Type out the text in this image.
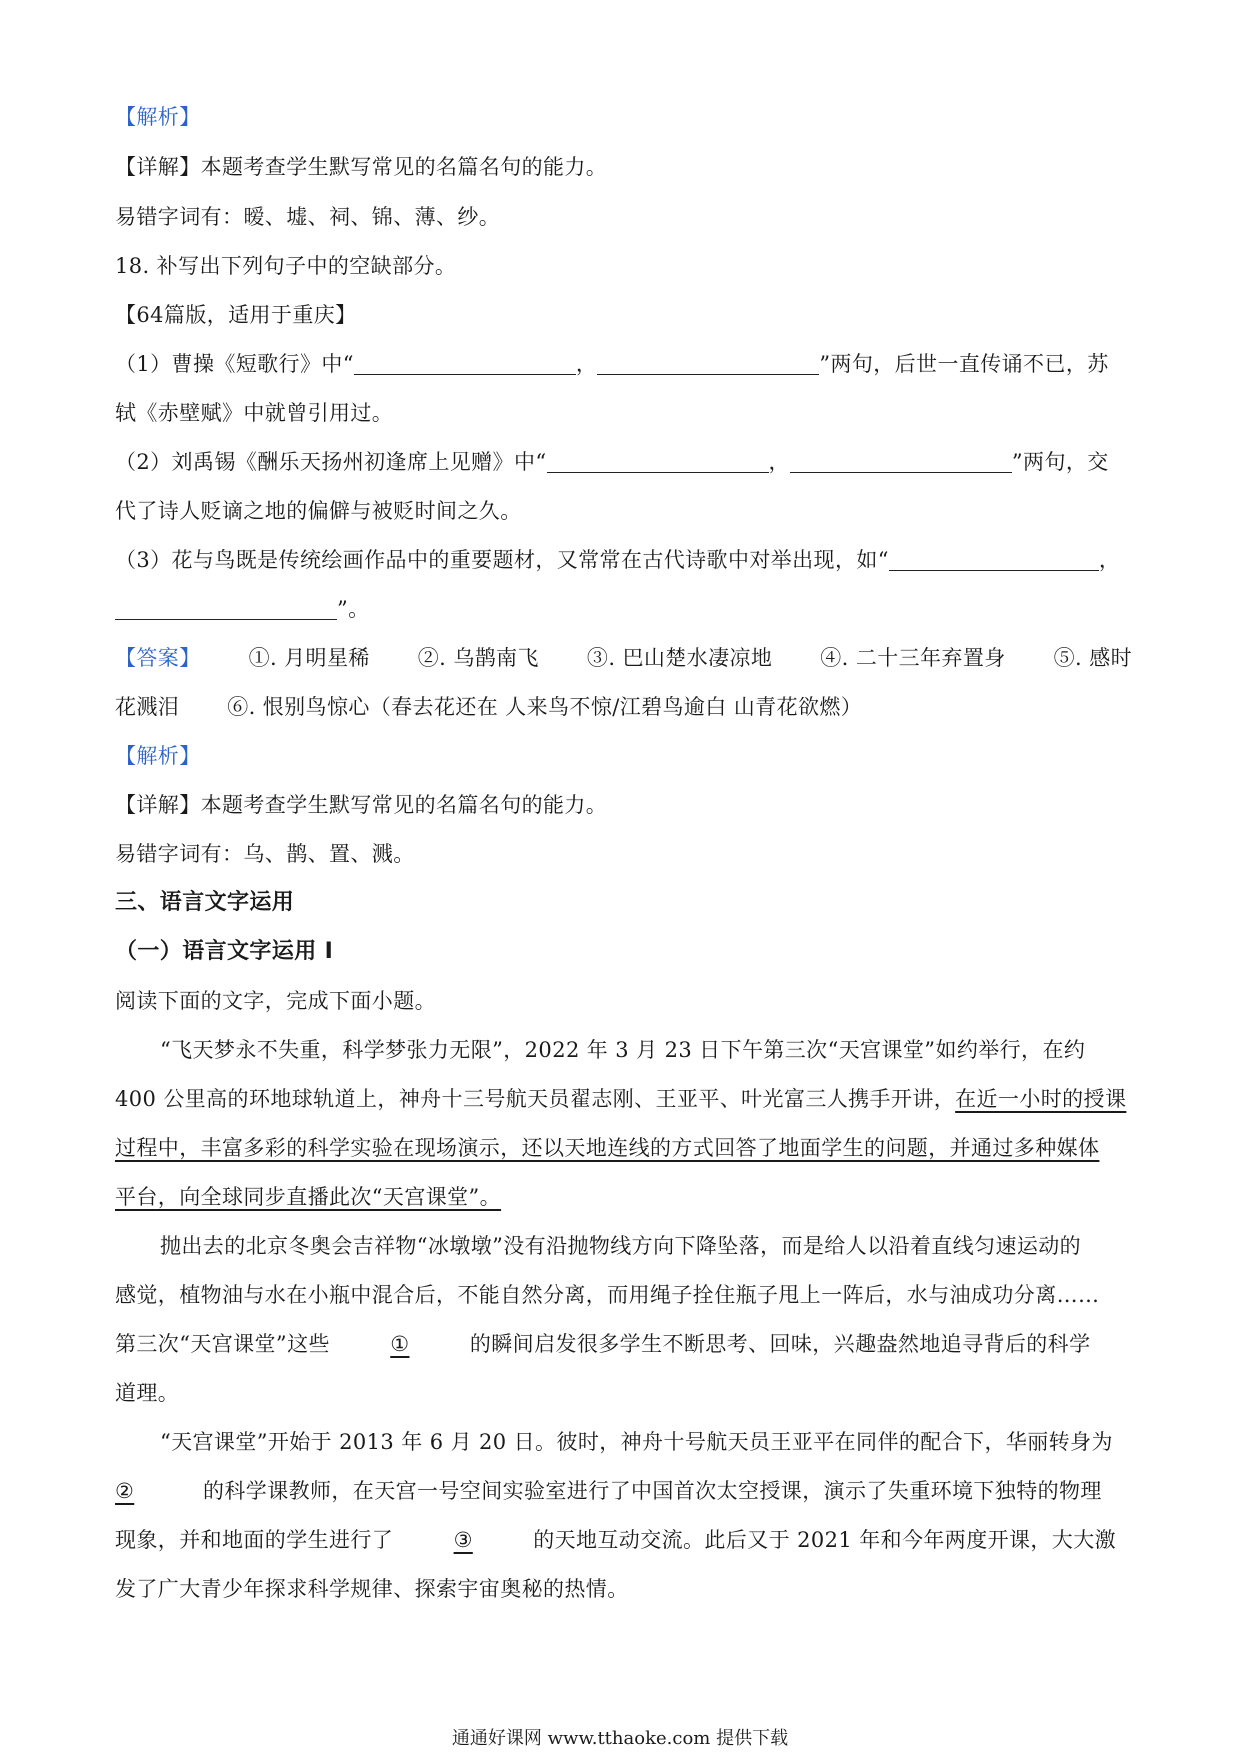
【解析】
【详解】本题考查学生默写常见的名篇名句的能力。
易错字词有：暧、墟、祠、锦、薄、纱。
18. 补写出下列句子中的空缺部分。
【64篇版，适用于重庆】
（1）曹操《短歌行》中“	，	”两句，后世一直传诵不已，苏
轼《赤壁赋》中就曾引用过。
（2）刘禹锡《酬乐天扬州初逢席上见赠》中“	，	”两句，交
代了诗人贬谪之地的偏僻与被贬时间之久。
（3）花与鸟既是传统绘画作品中的重要题材，又常常在古代诗歌中对举出现，如“	，
”。
【答案】 ①. 月明星稀 ②. 乌鹊南飞 ③. 巴山楚水凄凉地 ④. 二十三年弃置身 ⑤. 感时
花溅泪 ⑥. 恨别鸟惊心（春去花还在 人来鸟不惊/江碧鸟逾白 山青花欲燃）
【解析】
【详解】本题考查学生默写常见的名篇名句的能力。
易错字词有：乌、鹊、置、溅。
三、语言文字运用
（一）语言文字运用 I
阅读下面的文字，完成下面小题。
“飞天梦永不失重，科学梦张力无限”，2022 年 3 月 23 日下午第三次“天宫课堂”如约举行，在约
400 公里高的环地球轨道上，神舟十三号航天员翟志刚、王亚平、叶光富三人携手开讲，在近一小时的授课
过程中，丰富多彩的科学实验在现场演示，还以天地连线的方式回答了地面学生的问题，并通过多种媒体
平台，向全球同步直播此次“天宫课堂”。
抛出去的北京冬奥会吉祥物“冰墩墩”没有沿抛物线方向下降坠落，而是给人以沿着直线匀速运动的
感觉，植物油与水在小瓶中混合后，不能自然分离，而用绳子拴住瓶子甩上一阵后，水与油成功分离……
第三次“天宫课堂”这些	①	的瞬间启发很多学生不断思考、回味，兴趣盎然地追寻背后的科学
道理。
“天宫课堂”开始于 2013 年 6 月 20 日。彼时，神舟十号航天员王亚平在同伴的配合下，华丽转身为
②	的科学课教师，在天宫一号空间实验室进行了中国首次太空授课，演示了失重环境下独特的物理
现象，并和地面的学生进行了	③	的天地互动交流。此后又于 2021 年和今年两度开课，大大激
发了广大青少年探求科学规律、探索宇宙奥秘的热情。
通通好课网 www.tthaoke.com 提供下载
